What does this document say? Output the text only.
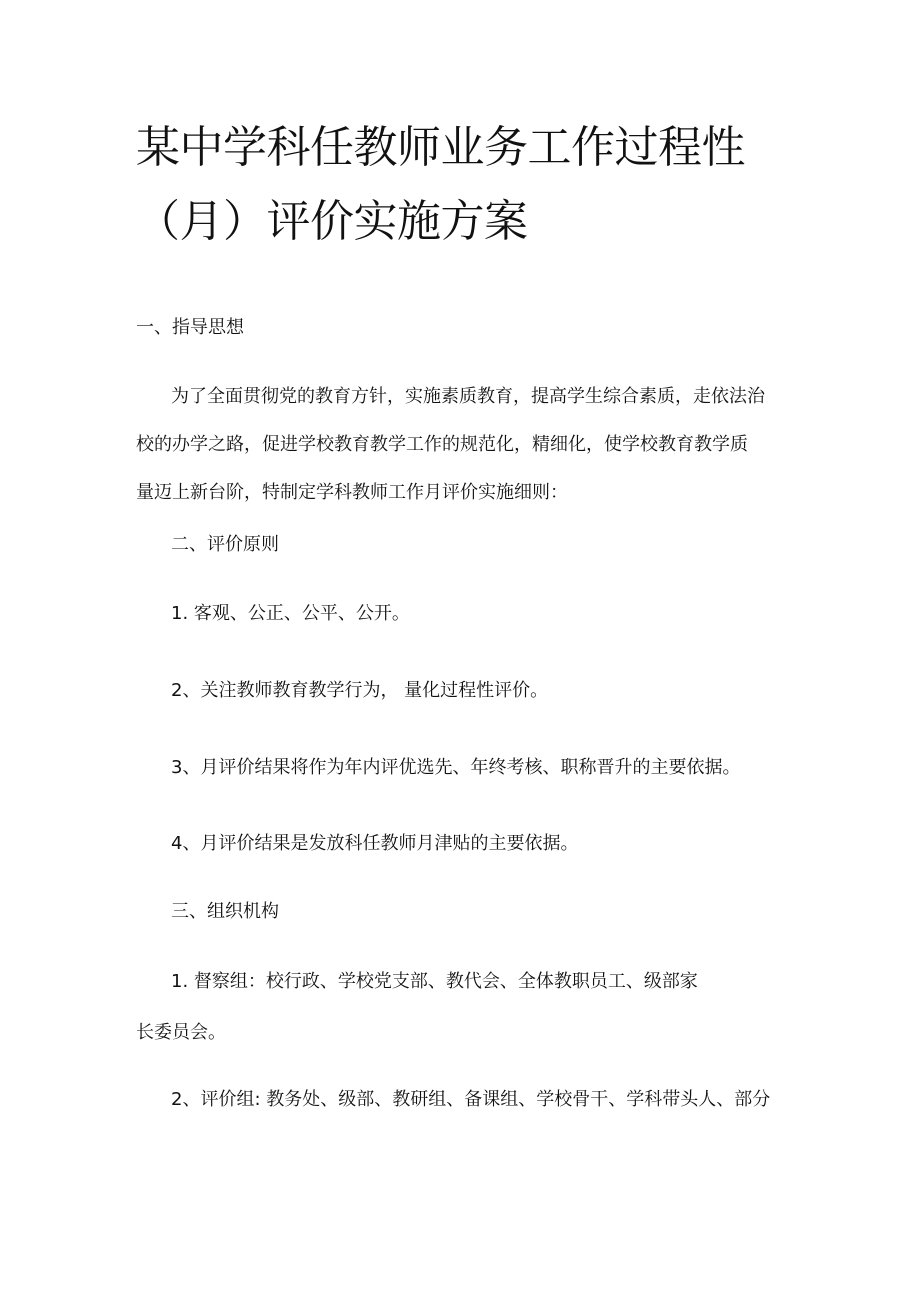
某中学科任教师业务工作过程性
（月）评价实施方案

一、指导思想

为了全面贯彻党的教育方针，实施素质教育，提高学生综合素质，走依法治

校的办学之路，促进学校教育教学工作的规范化，精细化，使学校教育教学质

量迈上新台阶，特制定学科教师工作月评价实施细则：

二、评价原则

1. 客观、公正、公平、公开。

2、关注教师教育教学行为， 量化过程性评价。

3、月评价结果将作为年内评优选先、年终考核、职称晋升的主要依据。

4、月评价结果是发放科任教师月津贴的主要依据。

三、组织机构

1. 督察组：校行政、学校党支部、教代会、全体教职员工、级部家

长委员会。

2、评价组: 教务处、级部、教研组、备课组、学校骨干、学科带头人、部分
